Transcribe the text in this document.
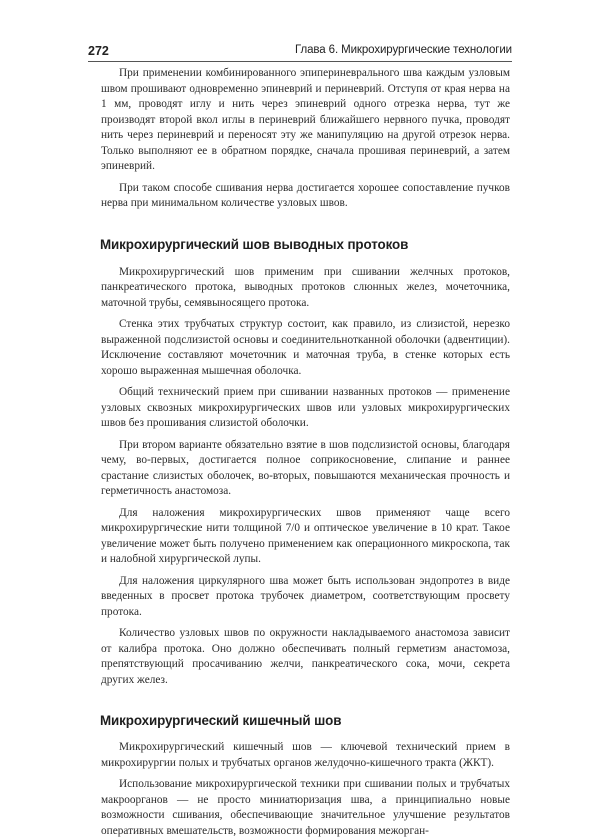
272	Глава 6. Микрохирургические технологии

При применении комбинированного эпипериневрального шва каждым узловым швом прошивают одновременно эпиневрий и периневрий. Отступя от края нерва на 1 мм, проводят иглу и нить через эпиневрий одного отрезка нерва, тут же производят второй вкол иглы в периневрий ближайшего нервного пучка, проводят нить через периневрий и переносят эту же манипуляцию на другой отрезок нерва. Только выполняют ее в обратном порядке, сначала прошивая периневрий, а затем эпиневрий.

При таком способе сшивания нерва достигается хорошее сопоставление пучков нерва при минимальном количестве узловых швов.

Микрохирургический шов выводных протоков

Микрохирургический шов применим при сшивании желчных протоков, панкреатического протока, выводных протоков слюнных желез, мочеточника, маточной трубы, семявыносящего протока.

Стенка этих трубчатых структур состоит, как правило, из слизистой, нерезко выраженной подслизистой основы и соединительнотканной оболочки (адвентиции). Исключение составляют мочеточник и маточная труба, в стенке которых есть хорошо выраженная мышечная оболочка.

Общий технический прием при сшивании названных протоков — применение узловых сквозных микрохирургических швов или узловых микрохирургических швов без прошивания слизистой оболочки.

При втором варианте обязательно взятие в шов подслизистой основы, благодаря чему, во-первых, достигается полное соприкосновение, слипание и раннее срастание слизистых оболочек, во-вторых, повышаются механическая прочность и герметичность анастомоза.

Для наложения микрохирургических швов применяют чаще всего микрохирургические нити толщиной 7/0 и оптическое увеличение в 10 крат. Такое увеличение может быть получено применением как операционного микроскопа, так и налобной хирургической лупы.

Для наложения циркулярного шва может быть использован эндопротез в виде введенных в просвет протока трубочек диаметром, соответствующим просвету протока.

Количество узловых швов по окружности накладываемого анастомоза зависит от калибра протока. Оно должно обеспечивать полный герметизм анастомоза, препятствующий просачиванию желчи, панкреатического сока, мочи, секрета других желез.

Микрохирургический кишечный шов

Микрохирургический кишечный шов — ключевой технический прием в микрохирургии полых и трубчатых органов желудочно-кишечного тракта (ЖКТ).

Использование микрохирургической техники при сшивании полых и трубчатых макроорганов — не просто миниатюризация шва, а принципиально новые возможности сшивания, обеспечивающие значительное улучшение результатов оперативных вмешательств, возможности формирования межорган-
